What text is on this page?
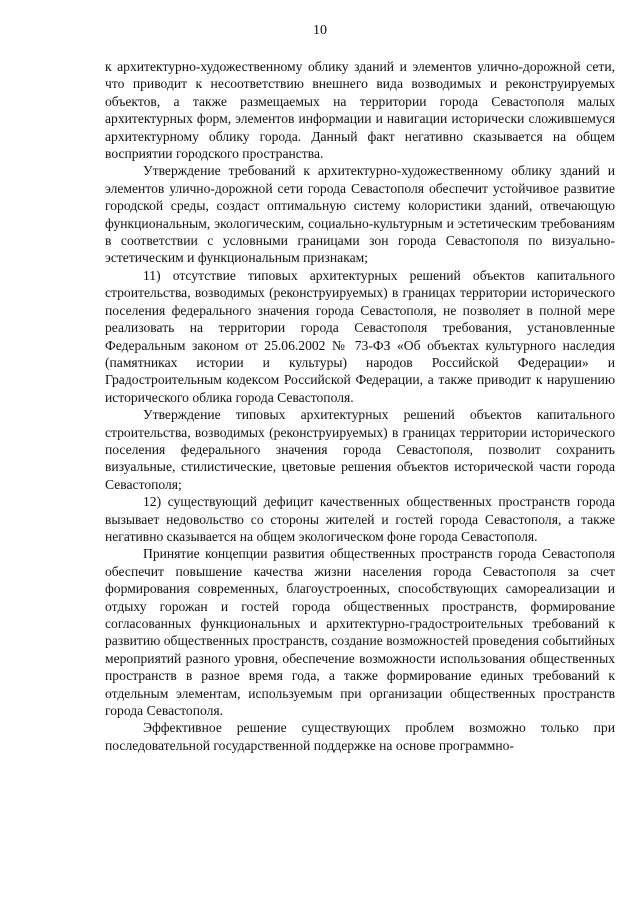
10

к архитектурно-художественному облику зданий и элементов улично-дорожной сети, что приводит к несоответствию внешнего вида возводимых и реконструируемых объектов, а также размещаемых на территории города Севастополя малых архитектурных форм, элементов информации и навигации исторически сложившемуся архитектурному облику города. Данный факт негативно сказывается на общем восприятии городского пространства.

Утверждение требований к архитектурно-художественному облику зданий и элементов улично-дорожной сети города Севастополя обеспечит устойчивое развитие городской среды, создаст оптимальную систему колористики зданий, отвечающую функциональным, экологическим, социально-культурным и эстетическим требованиям в соответствии с условными границами зон города Севастополя по визуально-эстетическим и функциональным признакам;

11) отсутствие типовых архитектурных решений объектов капитального строительства, возводимых (реконструируемых) в границах территории исторического поселения федерального значения города Севастополя, не позволяет в полной мере реализовать на территории города Севастополя требования, установленные Федеральным законом от 25.06.2002 № 73-ФЗ «Об объектах культурного наследия (памятниках истории и культуры) народов Российской Федерации» и Градостроительным кодексом Российской Федерации, а также приводит к нарушению исторического облика города Севастополя.

Утверждение типовых архитектурных решений объектов капитального строительства, возводимых (реконструируемых) в границах территории исторического поселения федерального значения города Севастополя, позволит сохранить визуальные, стилистические, цветовые решения объектов исторической части города Севастополя;

12) существующий дефицит качественных общественных пространств города вызывает недовольство со стороны жителей и гостей города Севастополя, а также негативно сказывается на общем экологическом фоне города Севастополя.

Принятие концепции развития общественных пространств города Севастополя обеспечит повышение качества жизни населения города Севастополя за счет формирования современных, благоустроенных, способствующих самореализации и отдыху горожан и гостей города общественных пространств, формирование согласованных функциональных и архитектурно-градостроительных требований к развитию общественных пространств, создание возможностей проведения событийных мероприятий разного уровня, обеспечение возможности использования общественных пространств в разное время года, а также формирование единых требований к отдельным элементам, используемым при организации общественных пространств города Севастополя.

Эффективное решение существующих проблем возможно только при последовательной государственной поддержке на основе программно-
